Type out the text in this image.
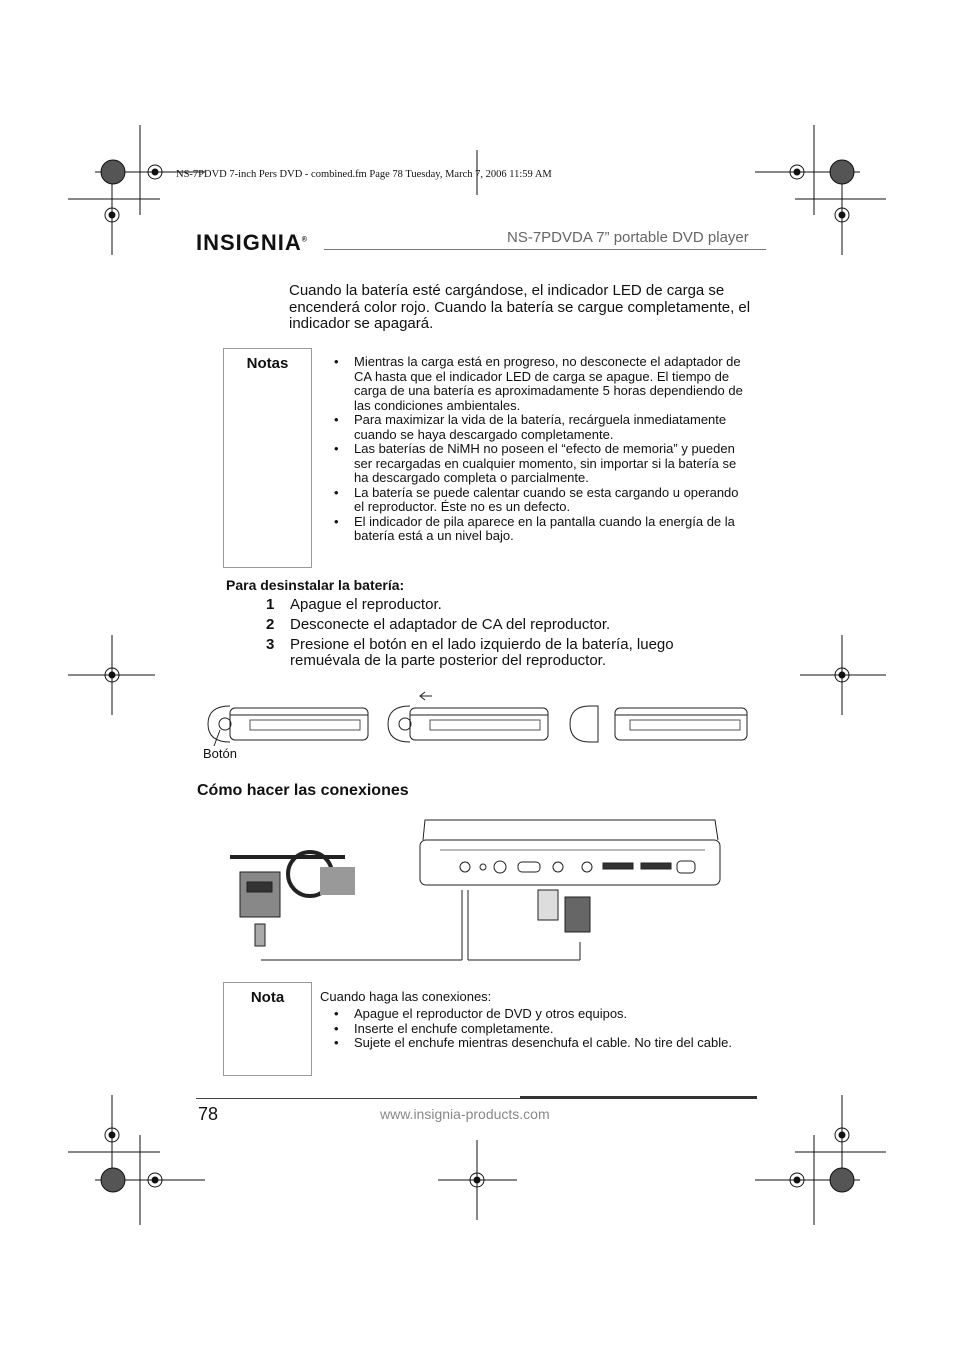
NS-7PDVD 7-inch Pers DVD - combined.fm Page 78 Tuesday, March 7, 2006 11:59 AM
INSIGNIA®	NS-7PDVDA 7” portable DVD player
Cuando la batería esté cargándose, el indicador LED de carga se encenderá color rojo. Cuando la batería se cargue completamente, el indicador se apagará.
Notas
•	Mientras la carga está en progreso, no desconecte el adaptador de CA hasta que el indicador LED de carga se apague. El tiempo de carga de una batería es aproximadamente 5 horas dependiendo de las condiciones ambientales.
• Para maximizar la vida de la batería, recárguela inmediatamente cuando se haya descargado completamente.
• Las baterías de NiMH no poseen el “efecto de memoria” y pueden ser recargadas en cualquier momento, sin importar si la batería se ha descargado completa o parcialmente.
• La batería se puede calentar cuando se esta cargando u operando el reproductor. Éste no es un defecto.
• El indicador de pila aparece en la pantalla cuando la energía de la batería está a un nivel bajo.
Para desinstalar la batería:
1 Apague el reproductor.
2 Desconecte el adaptador de CA del reproductor.
3 Presione el botón en el lado izquierdo de la batería, luego remuévala de la parte posterior del reproductor.
Botón
Cómo hacer las conexiones
Nota	Cuando haga las conexiones:
• Apague el reproductor de DVD y otros equipos.
• Inserte el enchufe completamente.
• Sujete el enchufe mientras desenchufa el cable. No tire del cable.
78	www.insignia-products.com
